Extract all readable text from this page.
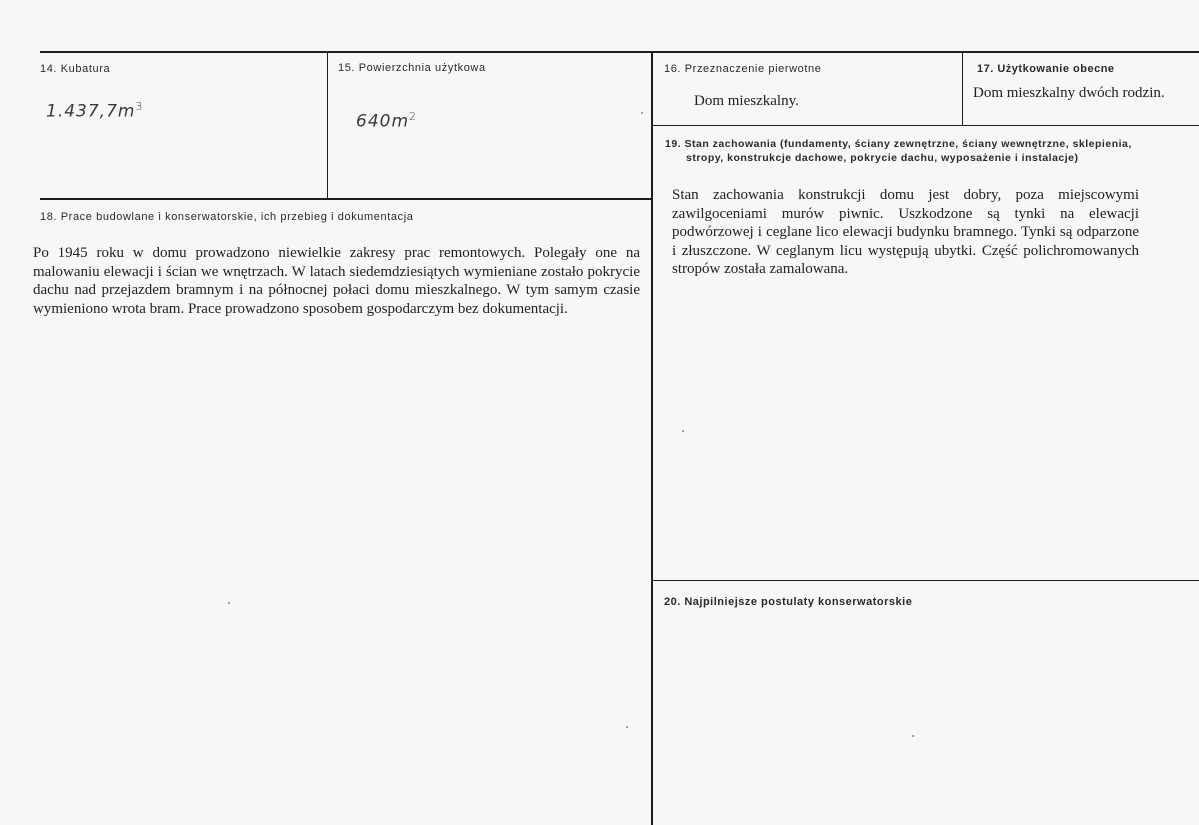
14. Kubatura
$1.437,7m^3$
15. Powierzchnia użytkowa
$640m^2$
16. Przeznaczenie pierwotne
Dom mieszkalny.
17. Użytkowanie obecne
Dom mieszkalny dwóch rodzin.
18. Prace budowlane i konserwatorskie, ich przebieg i dokumentacja
Po 1945 roku w domu prowadzono niewielkie zakresy prac remontowych. Polegały one na malowaniu elewacji i ścian we wnętrzach. W latach siedemdziesiątych wymieniane zostało pokrycie dachu nad przejazdem bramnym i na północnej połaci domu mieszkalnego. W tym samym czasie wymieniono wrota bram. Prace prowadzono sposobem gospodarczym bez dokumentacji.
19. Stan zachowania (fundamenty, ściany zewnętrzne, ściany wewnętrzne, sklepienia,
stropy, konstrukcje dachowe, pokrycie dachu, wyposażenie i instalacje)
Stan zachowania konstrukcji domu jest dobry, poza miejscowymi zawilgoceniami murów piwnic. Uszkodzone są tynki na elewacji podwórzowej i ceglane lico elewacji budynku bramnego. Tynki są odparzone i złuszczone. W ceglanym licu występują ubytki. Część polichromowanych stropów została zamalowana.
20. Najpilniejsze postulaty konserwatorskie
